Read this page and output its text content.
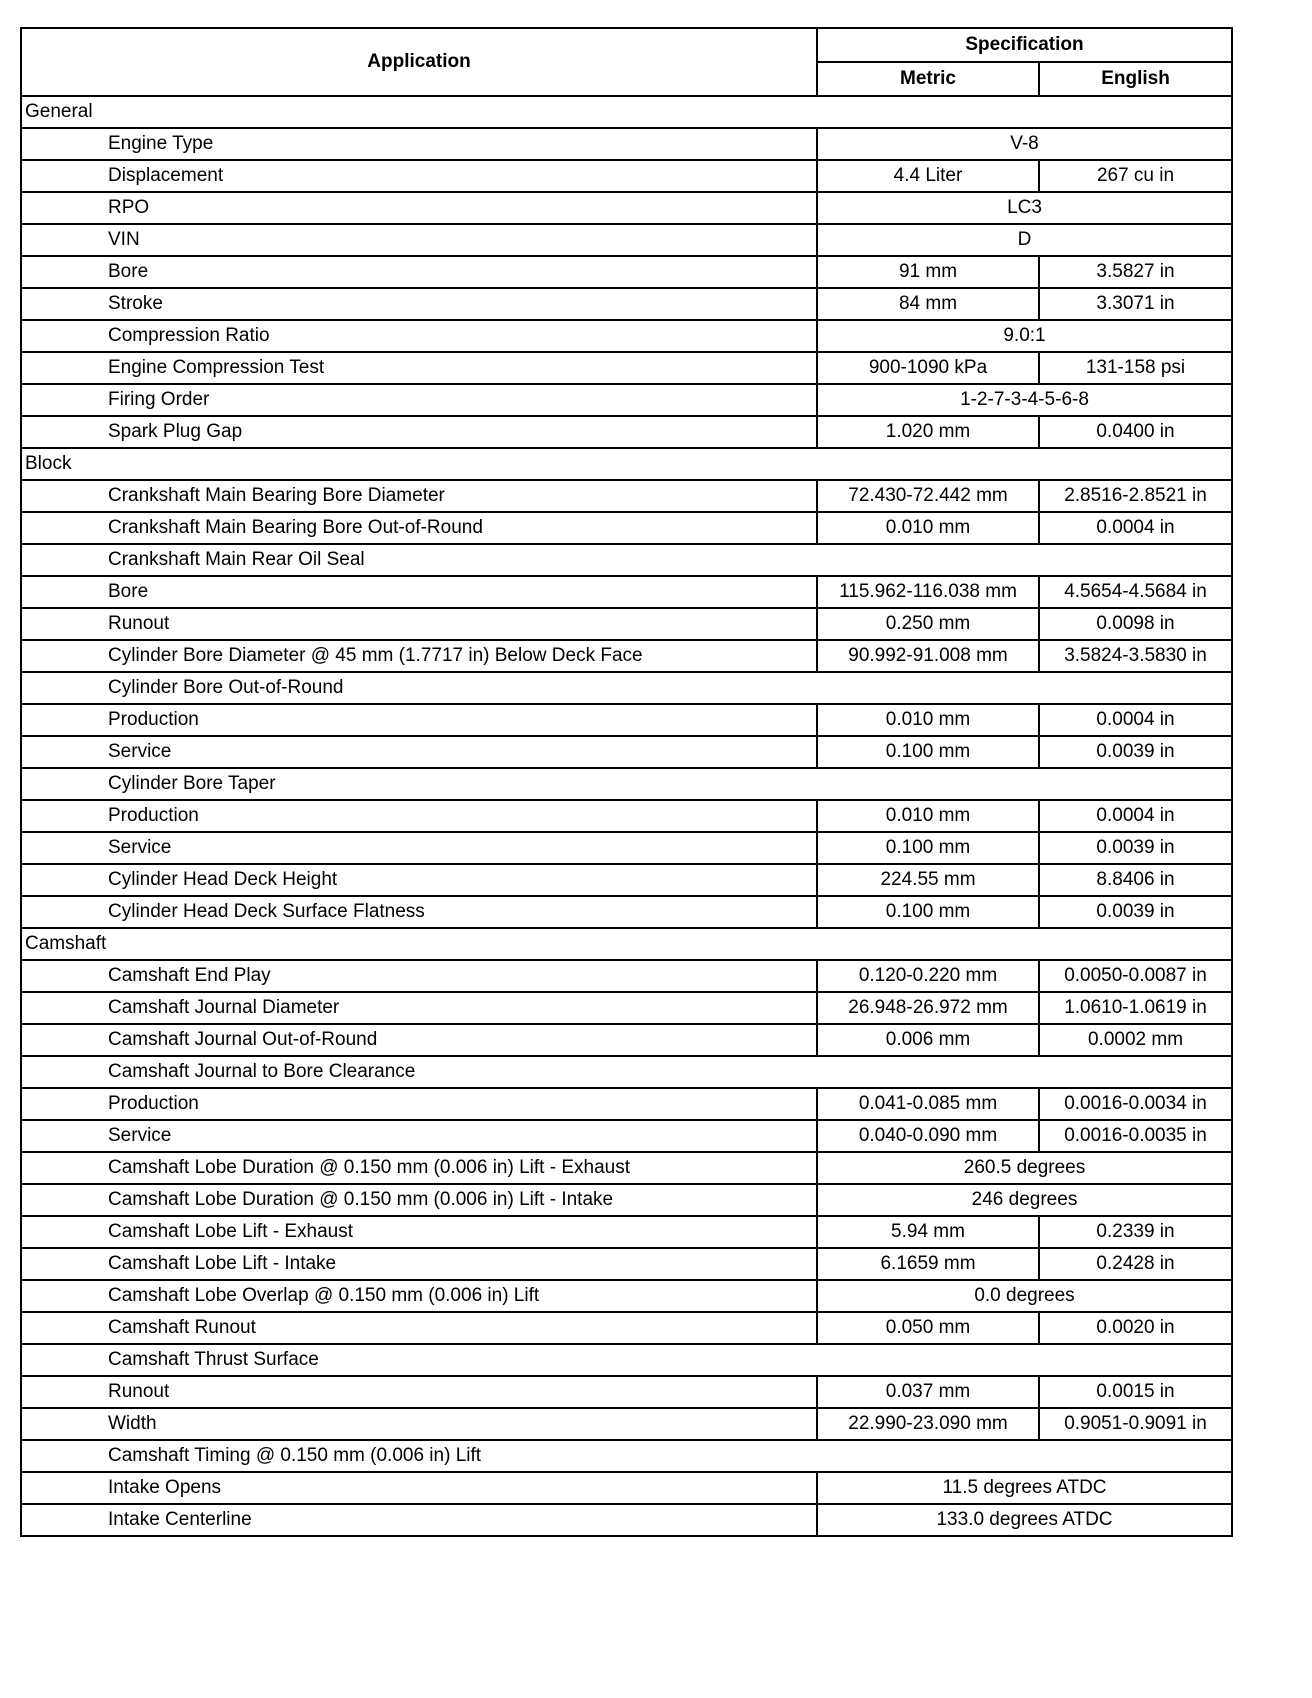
Application	Specification	
	Metric	English
General		
Engine Type	V-8	
Displacement	4.4 Liter	267 cu in
RPO	LC3	
VIN	D	
Bore	91 mm	3.5827 in
Stroke	84 mm	3.3071 in
Compression Ratio	9.0:1	
Engine Compression Test	900-1090 kPa	131-158 psi
Firing Order	1-2-7-3-4-5-6-8	
Spark Plug Gap	1.020 mm	0.0400 in
Block		
Crankshaft Main Bearing Bore Diameter	72.430-72.442 mm	2.8516-2.8521 in
Crankshaft Main Bearing Bore Out-of-Round	0.010 mm	0.0004 in
Crankshaft Main Rear Oil Seal		
Bore	115.962-116.038 mm	4.5654-4.5684 in
Runout	0.250 mm	0.0098 in
Cylinder Bore Diameter @ 45 mm (1.7717 in) Below Deck Face	90.992-91.008 mm	3.5824-3.5830 in
Cylinder Bore Out-of-Round		
Production	0.010 mm	0.0004 in
Service	0.100 mm	0.0039 in
Cylinder Bore Taper		
Production	0.010 mm	0.0004 in
Service	0.100 mm	0.0039 in
Cylinder Head Deck Height	224.55 mm	8.8406 in
Cylinder Head Deck Surface Flatness	0.100 mm	0.0039 in
Camshaft		
Camshaft End Play	0.120-0.220 mm	0.0050-0.0087 in
Camshaft Journal Diameter	26.948-26.972 mm	1.0610-1.0619 in
Camshaft Journal Out-of-Round	0.006 mm	0.0002 mm
Camshaft Journal to Bore Clearance		
Production	0.041-0.085 mm	0.0016-0.0034 in
Service	0.040-0.090 mm	0.0016-0.0035 in
Camshaft Lobe Duration @ 0.150 mm (0.006 in) Lift - Exhaust	260.5 degrees	
Camshaft Lobe Duration @ 0.150 mm (0.006 in) Lift - Intake	246 degrees	
Camshaft Lobe Lift - Exhaust	5.94 mm	0.2339 in
Camshaft Lobe Lift - Intake	6.1659 mm	0.2428 in
Camshaft Lobe Overlap @ 0.150 mm (0.006 in) Lift	0.0 degrees	
Camshaft Runout	0.050 mm	0.0020 in
Camshaft Thrust Surface		
Runout	0.037 mm	0.0015 in
Width	22.990-23.090 mm	0.9051-0.9091 in
Camshaft Timing @ 0.150 mm (0.006 in) Lift		
Intake Opens	11.5 degrees ATDC	
Intake Centerline	133.0 degrees ATDC	
